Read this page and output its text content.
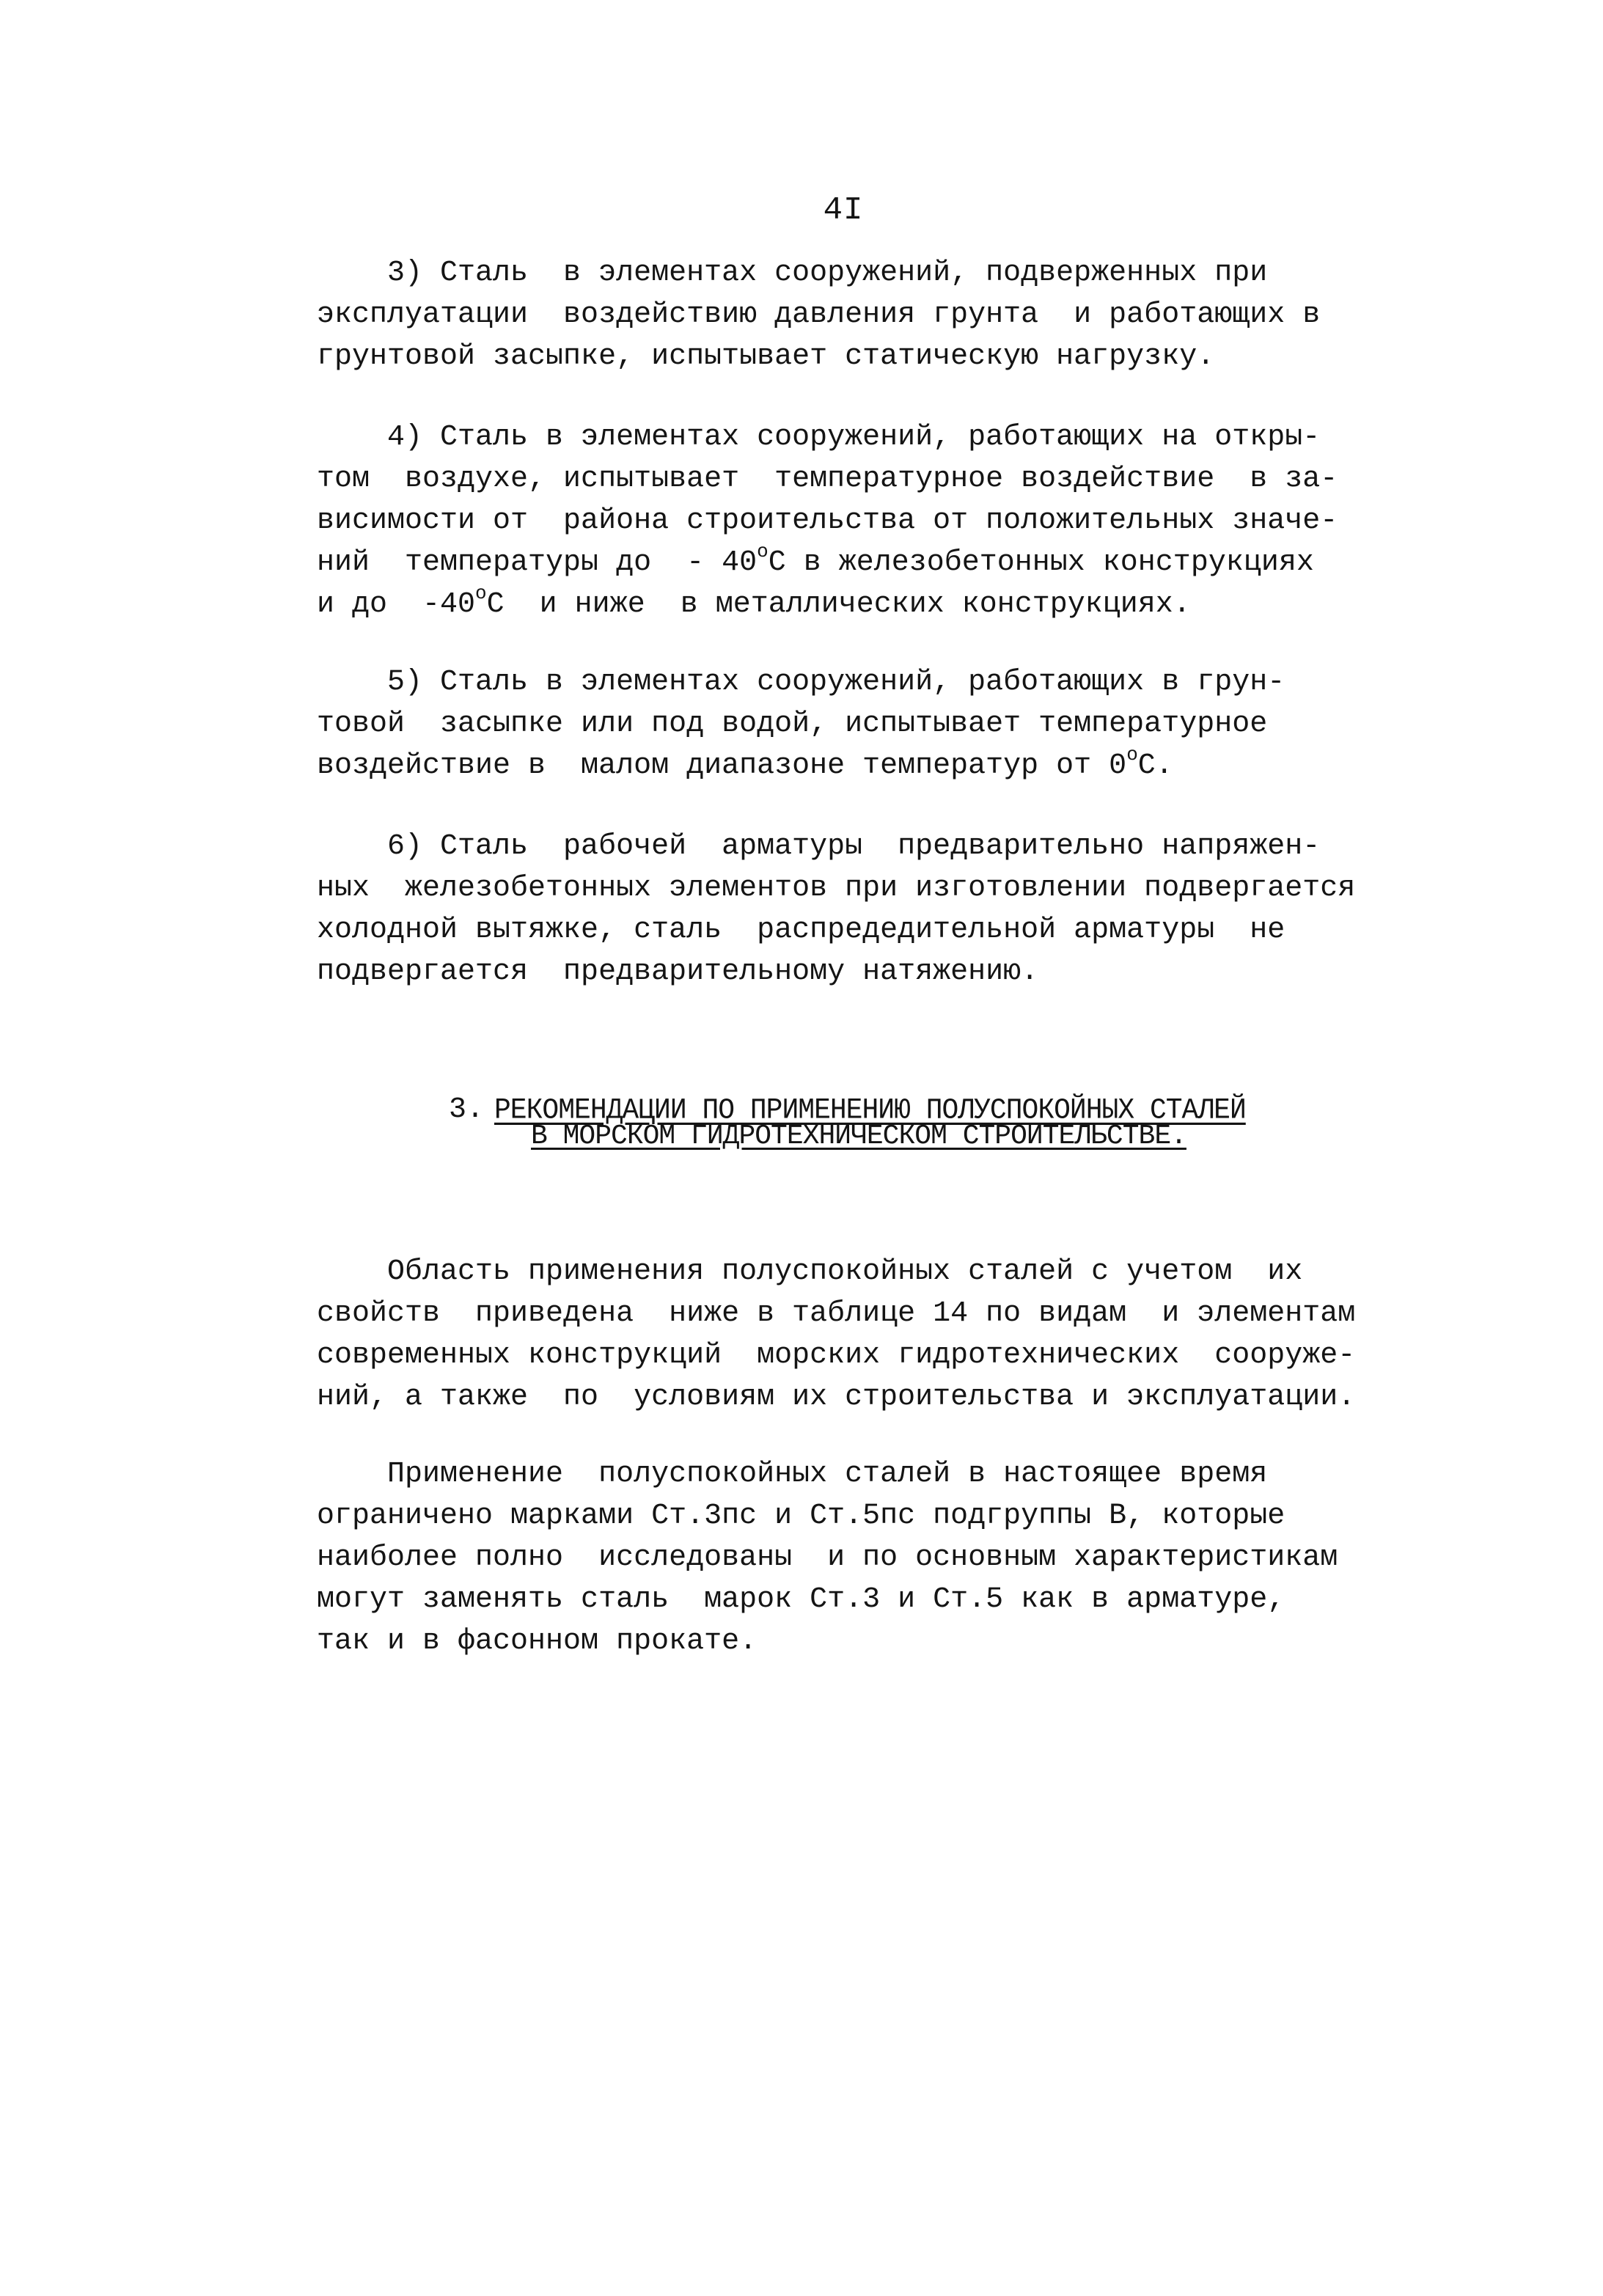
4I
3) Сталь  в элементах сооружений, подверженных при
эксплуатации  воздействию давления грунта  и работающих в
грунтовой засыпке, испытывает статическую нагрузку.
4) Сталь в элементах сооружений, работающих на откры-
том  воздухе, испытывает  температурное воздействие  в за-
висимости от  района строительства от положительных значе-
ний  температуры до  - $40^оС$ в железобетонных конструкциях
и до  $-40^оС$  и ниже  в металлических конструкциях.
5) Сталь в элементах сооружений, работающих в грун-
товой  засыпке или под водой, испытывает температурное
воздействие в  малом диапазоне температур от $0^оС$.
6) Сталь  рабочей  арматуры  предварительно напряжен-
ных  железобетонных элементов при изготовлении подвергается
холодной вытяжке, сталь  распредедительной арматуры  не
подвергается  предварительному натяжению.
3. РЕКОМЕНДАЦИИ ПО ПРИМЕНЕНИЮ ПОЛУСПОКОЙНЫХ СТАЛЕЙ
В МОРСКОМ ГИДРОТЕХНИЧЕСКОМ СТРОИТЕЛЬСТВЕ.
Область применения полуспокойных сталей с учетом  их
свойств  приведена  ниже в таблице 14 по видам  и элементам
современных конструкций  морских гидротехнических  сооруже-
ний, а также  по  условиям их строительства и эксплуатации.
Применение  полуспокойных сталей в настоящее время
ограничено марками Ст.3пс и Ст.5пс подгруппы В, которые
наиболее полно  исследованы  и по основным характеристикам
могут заменять сталь  марок Ст.3 и Ст.5 как в арматуре,
так и в фасонном прокате.
